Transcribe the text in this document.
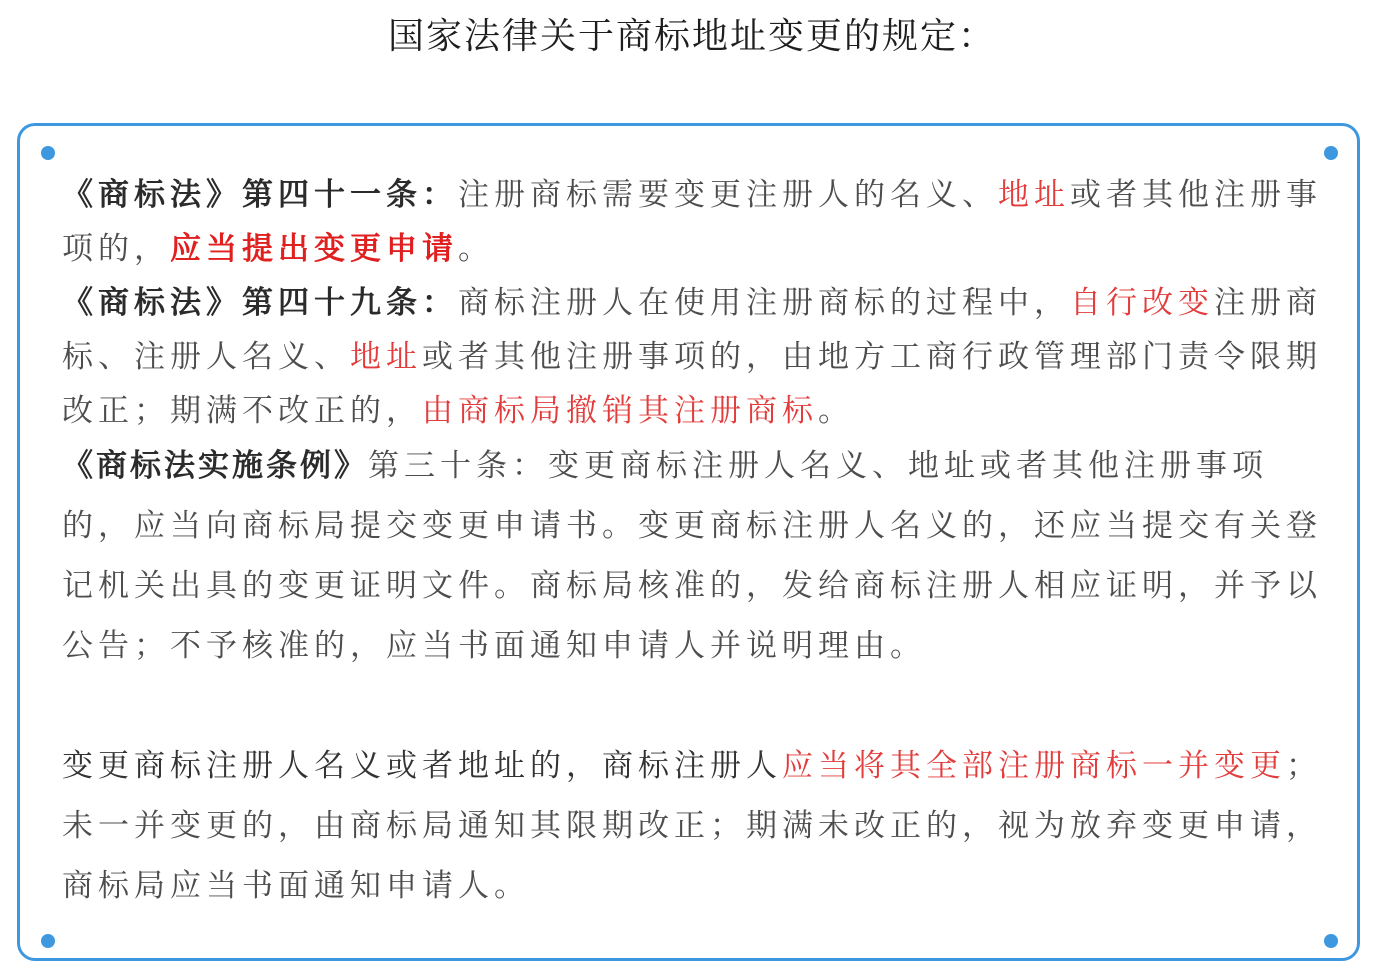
国家法律关于商标地址变更的规定：
《商标法》第四十一条：注册商标需要变更注册人的名义、地址或者其他注册事项的，应当提出变更申请。
《商标法》第四十九条：商标注册人在使用注册商标的过程中，自行改变注册商标、注册人名义、地址或者其他注册事项的，由地方工商行政管理部门责令限期改正；期满不改正的，由商标局撤销其注册商标。
《商标法实施条例》第三十条：变更商标注册人名义、地址或者其他注册事项的，应当向商标局提交变更申请书。变更商标注册人名义的，还应当提交有关登记机关出具的变更证明文件。商标局核准的，发给商标注册人相应证明，并予以公告；不予核准的，应当书面通知申请人并说明理由。
变更商标注册人名义或者地址的，商标注册人应当将其全部注册商标一并变更；未一并变更的，由商标局通知其限期改正；期满未改正的，视为放弃变更申请，商标局应当书面通知申请人。
